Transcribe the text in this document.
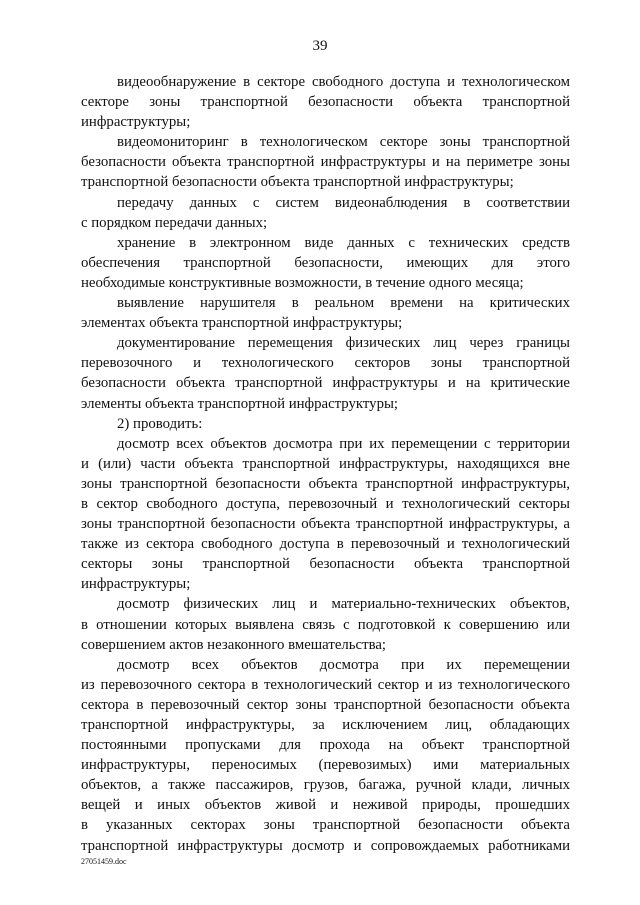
39
видеообнаружение в секторе свободного доступа и технологическом
секторе зоны транспортной безопасности объекта транспортной
инфраструктуры;
видеомониторинг в технологическом секторе зоны транспортной
безопасности объекта транспортной инфраструктуры и на периметре зоны
транспортной безопасности объекта транспортной инфраструктуры;
передачу данных с систем видеонаблюдения в соответствии
с порядком передачи данных;
хранение в электронном виде данных с технических средств
обеспечения транспортной безопасности, имеющих для этого
необходимые конструктивные возможности, в течение одного месяца;
выявление нарушителя в реальном времени на критических
элементах объекта транспортной инфраструктуры;
документирование перемещения физических лиц через границы
перевозочного и технологического секторов зоны транспортной
безопасности объекта транспортной инфраструктуры и на критические
элементы объекта транспортной инфраструктуры;
2) проводить:
досмотр всех объектов досмотра при их перемещении с территории
и (или) части объекта транспортной инфраструктуры, находящихся вне
зоны транспортной безопасности объекта транспортной инфраструктуры,
в сектор свободного доступа, перевозочный и технологический секторы
зоны транспортной безопасности объекта транспортной инфраструктуры, а
также из сектора свободного доступа в перевозочный и технологический
секторы зоны транспортной безопасности объекта транспортной
инфраструктуры;
досмотр физических лиц и материально-технических объектов,
в отношении которых выявлена связь с подготовкой к совершению или
совершением актов незаконного вмешательства;
досмотр всех объектов досмотра при их перемещении
из перевозочного сектора в технологический сектор и из технологического
сектора в перевозочный сектор зоны транспортной безопасности объекта
транспортной инфраструктуры, за исключением лиц, обладающих
постоянными пропусками для прохода на объект транспортной
инфраструктуры, переносимых (перевозимых) ими материальных
объектов, а также пассажиров, грузов, багажа, ручной клади, личных
вещей и иных объектов живой и неживой природы, прошедших
в указанных секторах зоны транспортной безопасности объекта
транспортной инфраструктуры досмотр и сопровождаемых работниками
27051459.doc
